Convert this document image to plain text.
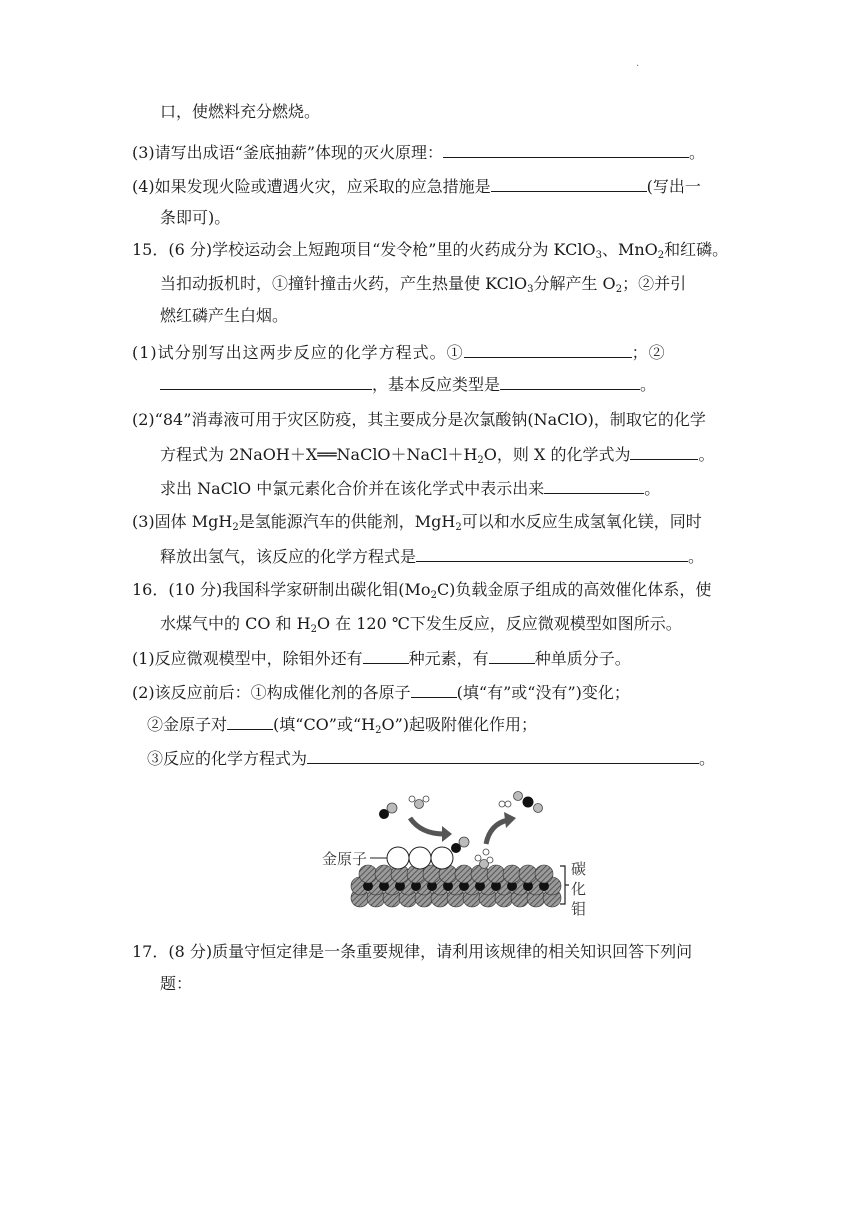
.
口，使燃料充分燃烧。
(3)请写出成语“釜底抽薪”体现的灭火原理：	。
(4)如果发现火险或遭遇火灾，应采取的应急措施是	(写出一
条即可)。
15．(6 分)学校运动会上短跑项目“发令枪”里的火药成分为 KClO$_3$、MnO$_2$和红磷。
当扣动扳机时，①撞针撞击火药，产生热量使 KClO$_3$分解产生 $O_2$；②并引
燃红磷产生白烟。
(1)试分别写出这两步反应的化学方程式。①	；②
，基本反应类型是	。
(2)“84”消毒液可用于灾区防疫，其主要成分是次氯酸钠(NaClO)，制取它的化学
方程式为 $2NaOH+X══NaClO+NaCl+H_2O$，则 X 的化学式为	。
求出 NaClO 中氯元素化合价并在该化学式中表示出来	。
(3)固体 MgH$_2$是氢能源汽车的供能剂，MgH$_2$可以和水反应生成氢氧化镁，同时
释放出氢气，该反应的化学方程式是	。
16．(10 分)我国科学家研制出碳化钼$(Mo_2C)$负载金原子组成的高效催化体系，使
水煤气中的 CO 和 $H_2O$ 在 120 ℃下发生反应，反应微观模型如图所示。
(1)反应微观模型中，除钼外还有	种元素，有	种单质分子。
(2)该反应前后：①构成催化剂的各原子	(填“有”或“没有”)变化；
②金原子对	(填“CO”或“$H_2O$”)起吸附催化作用；
③反应的化学方程式为	。
金原子
碳
化
钼
17．(8 分)质量守恒定律是一条重要规律，请利用该规律的相关知识回答下列问
题：
